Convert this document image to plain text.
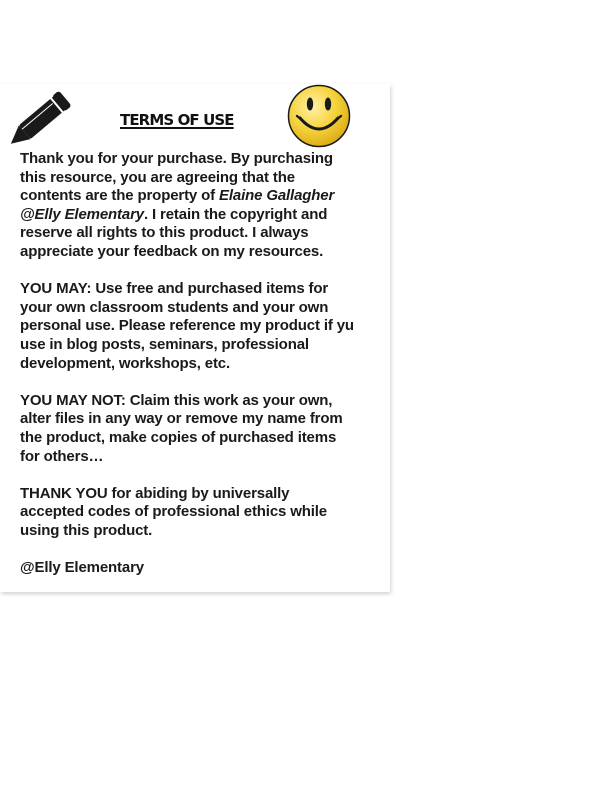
TERMS OF USE

Thank you for your purchase. By purchasing this resource, you are agreeing that the contents are the property of Elaine Gallagher @Elly Elementary. I retain the copyright and reserve all rights to this product. I always appreciate your feedback on my resources.

YOU MAY: Use free and purchased items for your own classroom students and your own personal use. Please reference my product if yu use in blog posts, seminars, professional development, workshops, etc.

YOU MAY NOT: Claim this work as your own, alter files in any way or remove my name from the product, make copies of purchased items for others…

THANK YOU for abiding by universally accepted codes of professional ethics while using this product.

@Elly Elementary
